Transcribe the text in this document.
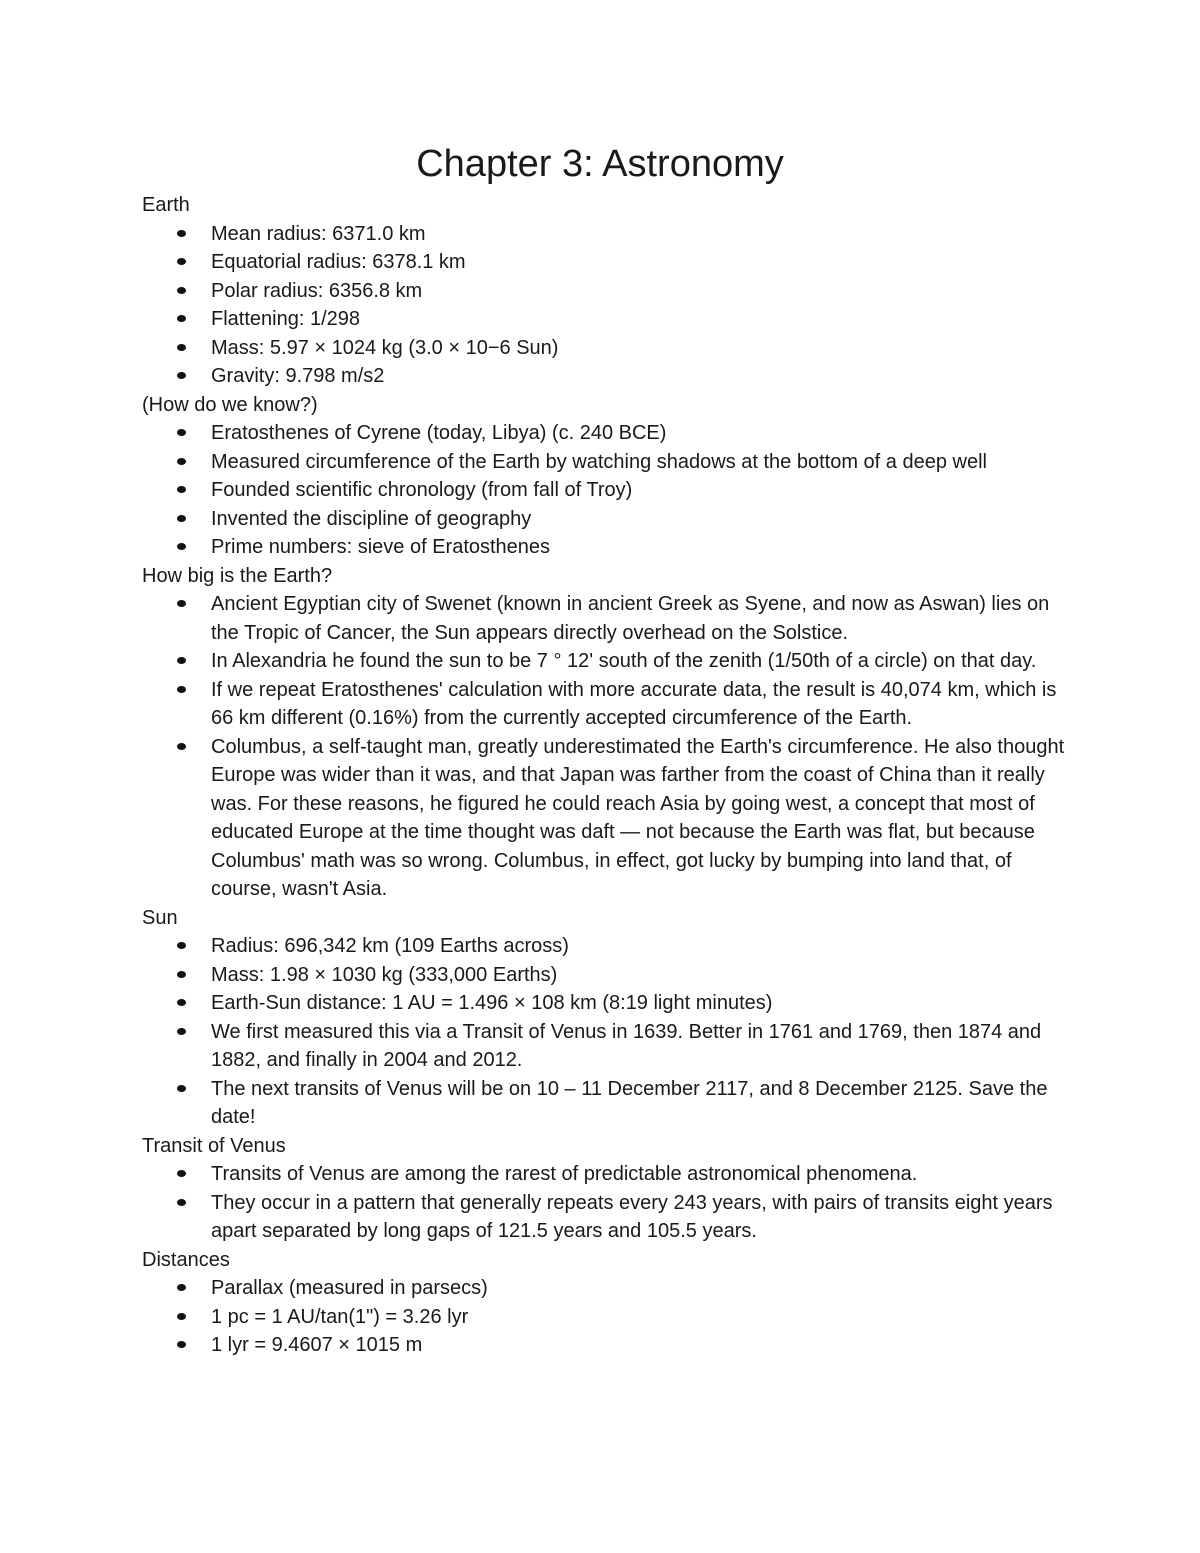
Chapter 3: Astronomy

Earth

Mean radius: 6371.0 km
Equatorial radius: 6378.1 km
Polar radius: 6356.8 km
Flattening: 1/298
Mass: 5.97 × 1024 kg (3.0 × 10−6 Sun)
Gravity: 9.798 m/s2

(How do we know?)

Eratosthenes of Cyrene (today, Libya) (c. 240 BCE)
Measured circumference of the Earth by watching shadows at the bottom of a deep well
Founded scientific chronology (from fall of Troy)
Invented the discipline of geography
Prime numbers: sieve of Eratosthenes

How big is the Earth?

Ancient Egyptian city of Swenet (known in ancient Greek as Syene, and now as Aswan) lies on the Tropic of Cancer, the Sun appears directly overhead on the Solstice.
In Alexandria he found the sun to be 7 ° 12' south of the zenith (1/50th of a circle) on that day.
If we repeat Eratosthenes' calculation with more accurate data, the result is 40,074 km, which is 66 km different (0.16%) from the currently accepted circumference of the Earth.
Columbus, a self-taught man, greatly underestimated the Earth's circumference. He also thought Europe was wider than it was, and that Japan was farther from the coast of China than it really was. For these reasons, he figured he could reach Asia by going west, a concept that most of educated Europe at the time thought was daft — not because the Earth was flat, but because Columbus' math was so wrong. Columbus, in effect, got lucky by bumping into land that, of course, wasn't Asia.

Sun

Radius: 696,342 km (109 Earths across)
Mass: 1.98 × 1030 kg (333,000 Earths)
Earth-Sun distance: 1 AU = 1.496 × 108 km (8:19 light minutes)
We first measured this via a Transit of Venus in 1639. Better in 1761 and 1769, then 1874 and 1882, and finally in 2004 and 2012.
The next transits of Venus will be on 10 – 11 December 2117, and 8 December 2125. Save the date!

Transit of Venus

Transits of Venus are among the rarest of predictable astronomical phenomena.
They occur in a pattern that generally repeats every 243 years, with pairs of transits eight years apart separated by long gaps of 121.5 years and 105.5 years.

Distances

Parallax (measured in parsecs)
1 pc = 1 AU/tan(1") = 3.26 lyr
1 lyr = 9.4607 × 1015 m
